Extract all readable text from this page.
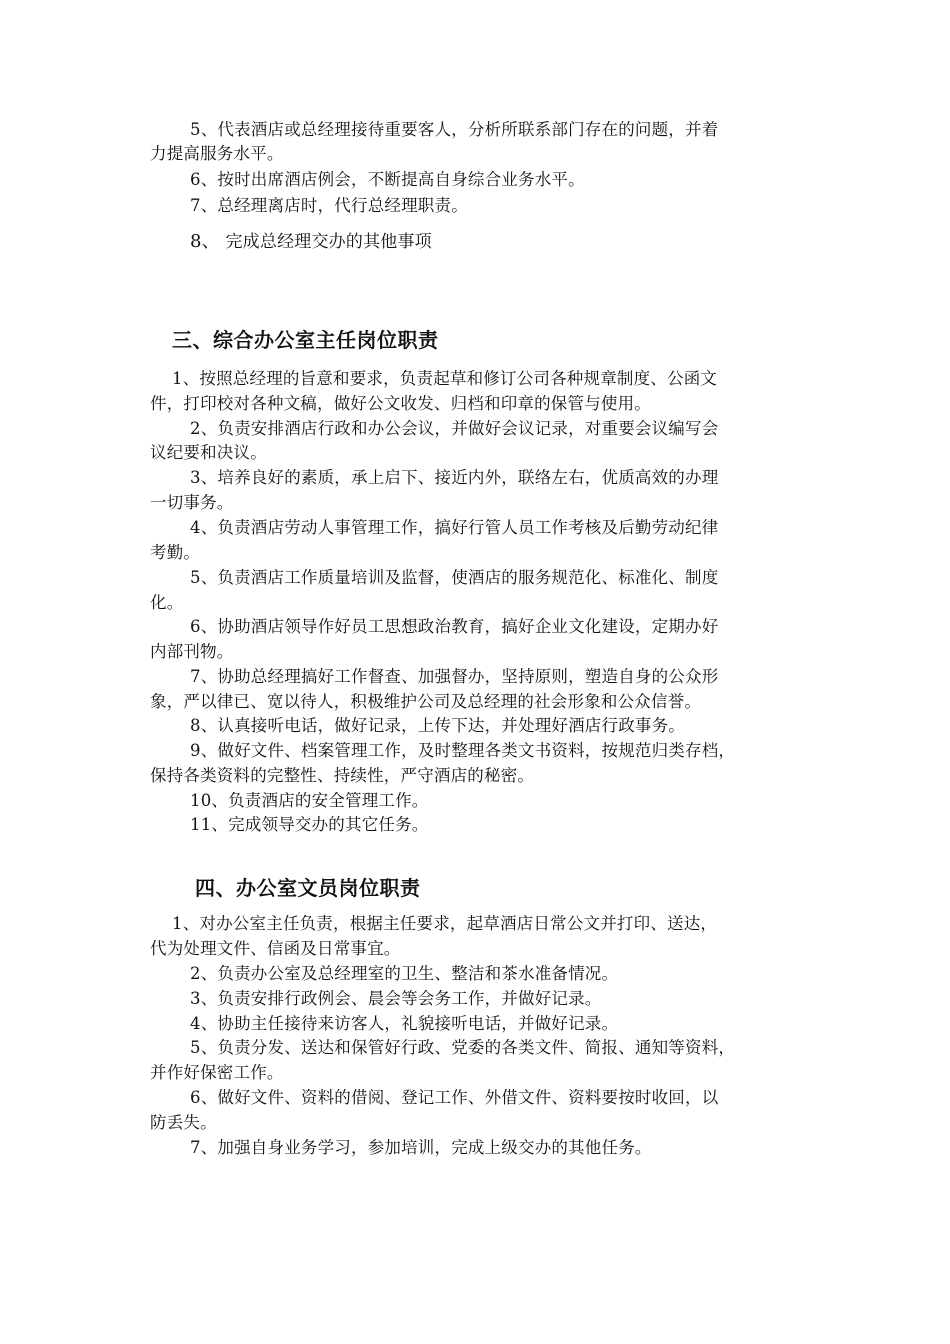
5、代表酒店或总经理接待重要客人，分析所联系部门存在的问题，并着
力提高服务水平。
6、按时出席酒店例会，不断提高自身综合业务水平。
7、总经理离店时，代行总经理职责。
8、 完成总经理交办的其他事项
三、综合办公室主任岗位职责
1、按照总经理的旨意和要求，负责起草和修订公司各种规章制度、公函文
件，打印校对各种文稿，做好公文收发、归档和印章的保管与使用。
2、负责安排酒店行政和办公会议，并做好会议记录，对重要会议编写会
议纪要和决议。
3、培养良好的素质，承上启下、接近内外，联络左右，优质高效的办理
一切事务。
4、负责酒店劳动人事管理工作，搞好行管人员工作考核及后勤劳动纪律
考勤。
5、负责酒店工作质量培训及监督，使酒店的服务规范化、标准化、制度
化。
6、协助酒店领导作好员工思想政治教育，搞好企业文化建设，定期办好
内部刊物。
7、协助总经理搞好工作督查、加强督办，坚持原则，塑造自身的公众形
象，严以律已、宽以待人，积极维护公司及总经理的社会形象和公众信誉。
8、认真接听电话，做好记录，上传下达，并处理好酒店行政事务。
9、做好文件、档案管理工作，及时整理各类文书资料，按规范归类存档，
保持各类资料的完整性、持续性，严守酒店的秘密。
10、负责酒店的安全管理工作。
11、完成领导交办的其它任务。
四、办公室文员岗位职责
1、对办公室主任负责，根据主任要求，起草酒店日常公文并打印、送达，
代为处理文件、信函及日常事宜。
2、负责办公室及总经理室的卫生、整洁和茶水准备情况。
3、负责安排行政例会、晨会等会务工作，并做好记录。
4、协助主任接待来访客人，礼貌接听电话，并做好记录。
5、负责分发、送达和保管好行政、党委的各类文件、简报、通知等资料，
并作好保密工作。
6、做好文件、资料的借阅、登记工作、外借文件、资料要按时收回，以
防丢失。
7、加强自身业务学习，参加培训，完成上级交办的其他任务。
